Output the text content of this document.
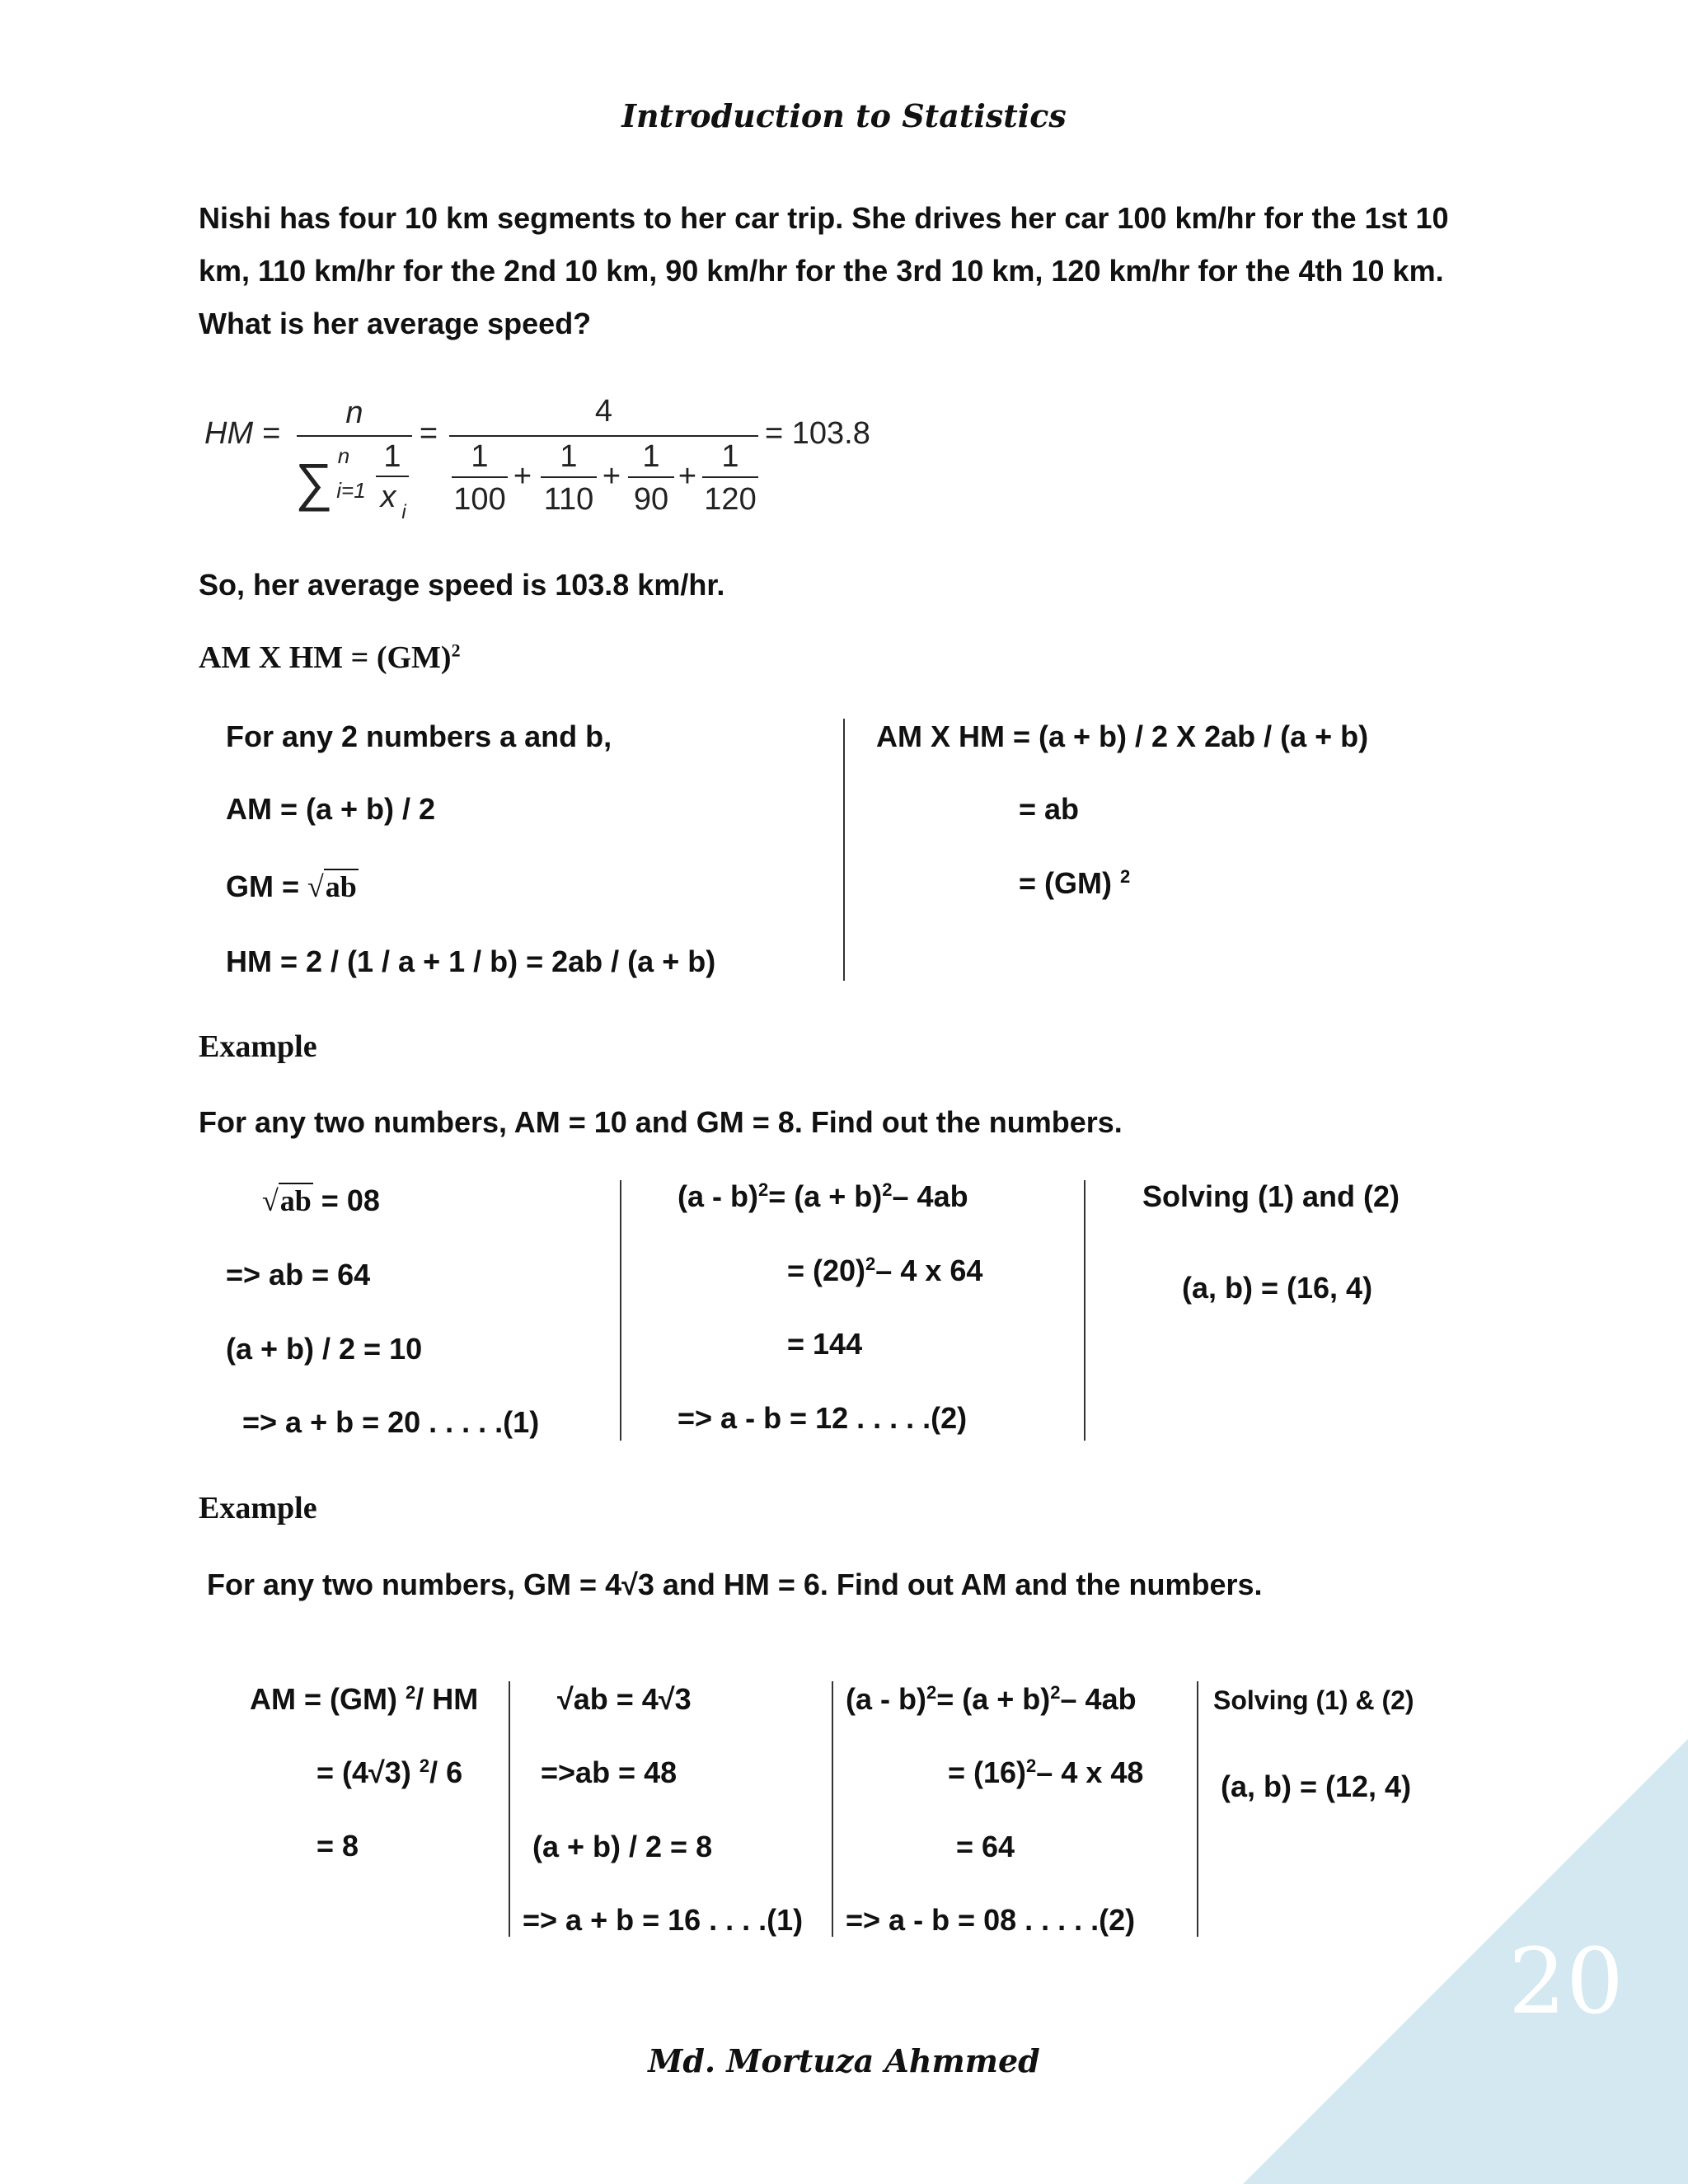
Introduction to Statistics
Nishi has four 10 km segments to her car trip. She drives her car 100 km/hr for the 1st 10 km, 110 km/hr for the 2nd 10 km, 90 km/hr for the 3rd 10 km, 120 km/hr for the 4th 10 km. What is her average speed?
HM =
n
∑ n
i=1
1
x i
=
4
1
100
+
1
110
+
1
90
+
1
120
= 103.8
So, her average speed is 103.8 km/hr.
AM X HM = (GM)$^2$
For any 2 numbers a and b,
AM = (a + b) / 2
GM = √ab
HM = 2 / (1 / a + 1 / b) = 2ab / (a + b)
AM X HM = (a + b) / 2 X 2ab / (a + b)
= ab
= (GM) $^2$
Example
For any two numbers, AM = 10 and GM = 8. Find out the numbers.
√ab = 08
=> ab = 64
(a + b) / 2 = 10
=> a + b = 20 . . . . .(1)
$(a - b)^2= (a + b)^2-$ 4ab
= $(20)^2-$ 4 x 64
= 144
=> a - b = 12 . . . . .(2)
Solving (1) and (2)
(a, b) = (16, 4)
Example
For any two numbers, GM = 4√3 and HM = 6. Find out AM and the numbers.
AM = (GM) $^2$/ HM
= (4√3) $^2$/ 6
= 8
√ab = 4√3
=>ab = 48
(a + b) / 2 = 8
=> a + b = 16 . . . .(1)
$(a - b)^2= (a + b)^2-$ 4ab
= $(16)^2-$ 4 x 48
= 64
=> a - b = 08 . . . . .(2)
Solving (1) & (2)
(a, b) = (12, 4)
20
Md. Mortuza Ahmmed
